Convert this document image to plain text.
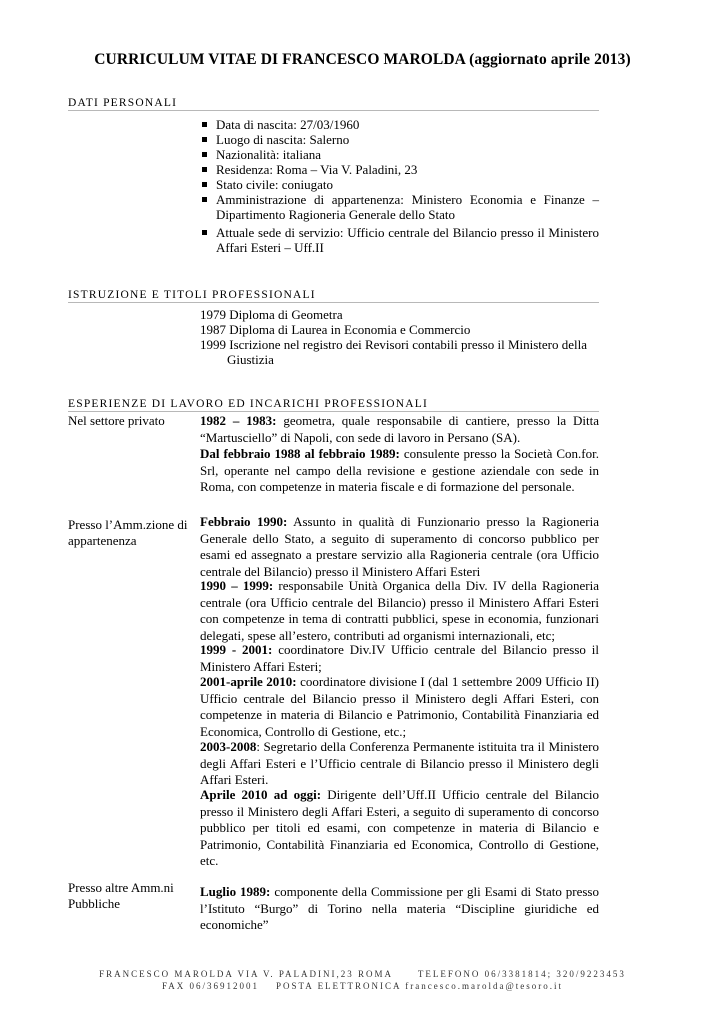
CURRICULUM VITAE DI FRANCESCO MAROLDA (aggiornato aprile 2013)
DATI PERSONALI
Data di nascita: 27/03/1960
Luogo di nascita: Salerno
Nazionalità: italiana
Residenza: Roma – Via V. Paladini, 23
Stato civile: coniugato
Amministrazione di appartenenza: Ministero Economia e Finanze – Dipartimento Ragioneria Generale dello Stato
Attuale sede di servizio: Ufficio centrale del Bilancio presso il Ministero Affari Esteri – Uff.II
ISTRUZIONE E TITOLI PROFESSIONALI
1979 Diploma di Geometra
1987 Diploma di Laurea in Economia e Commercio
1999 Iscrizione nel registro dei Revisori contabili presso il Ministero della Giustizia
ESPERIENZE DI LAVORO ED INCARICHI PROFESSIONALI
Nel settore privato	1982 – 1983: geometra, quale responsabile di cantiere, presso la Ditta “Martusciello” di Napoli, con sede di lavoro in Persano (SA).
Dal febbraio 1988 al febbraio 1989: consulente presso la Società Con.for. Srl, operante nel campo della revisione e gestione aziendale con sede in Roma, con competenze in materia fiscale e di formazione del personale.
Presso l’Amm.zione di appartenenza
Febbraio 1990: Assunto in qualità di Funzionario presso la Ragioneria Generale dello Stato, a seguito di superamento di concorso pubblico per esami ed assegnato a prestare servizio alla Ragioneria centrale (ora Ufficio centrale del Bilancio) presso il Ministero Affari Esteri
1990 – 1999: responsabile Unità Organica della Div. IV della Ragioneria centrale (ora Ufficio centrale del Bilancio) presso il Ministero Affari Esteri con competenze in tema di contratti pubblici, spese in economia, funzionari delegati, spese all’estero, contributi ad organismi internazionali, etc;
1999 - 2001: coordinatore Div.IV Ufficio centrale del Bilancio presso il Ministero Affari Esteri;
2001-aprile 2010: coordinatore divisione I (dal 1 settembre 2009 Ufficio II) Ufficio centrale del Bilancio presso il Ministero degli Affari Esteri, con competenze in materia di Bilancio e Patrimonio, Contabilità Finanziaria ed Economica, Controllo di Gestione, etc.;
2003-2008: Segretario della Conferenza Permanente istituita tra il Ministero degli Affari Esteri e l’Ufficio centrale di Bilancio presso il Ministero degli Affari Esteri.
Aprile 2010 ad oggi: Dirigente dell’Uff.II Ufficio centrale del Bilancio presso il Ministero degli Affari Esteri, a seguito di superamento di concorso pubblico per titoli ed esami, con competenze in materia di Bilancio e Patrimonio, Contabilità Finanziaria ed Economica, Controllo di Gestione, etc.
Presso altre Amm.ni Pubbliche
Luglio 1989: componente della Commissione per gli Esami di Stato presso l’Istituto “Burgo” di Torino nella materia “Discipline giuridiche ed economiche”
FRANCESCO MAROLDA VIA V. PALADINI,23 ROMA      TELEFONO 06/3381814; 320/9223453
FAX 06/36912001    POSTA ELETTRONICA francesco.marolda@tesoro.it
